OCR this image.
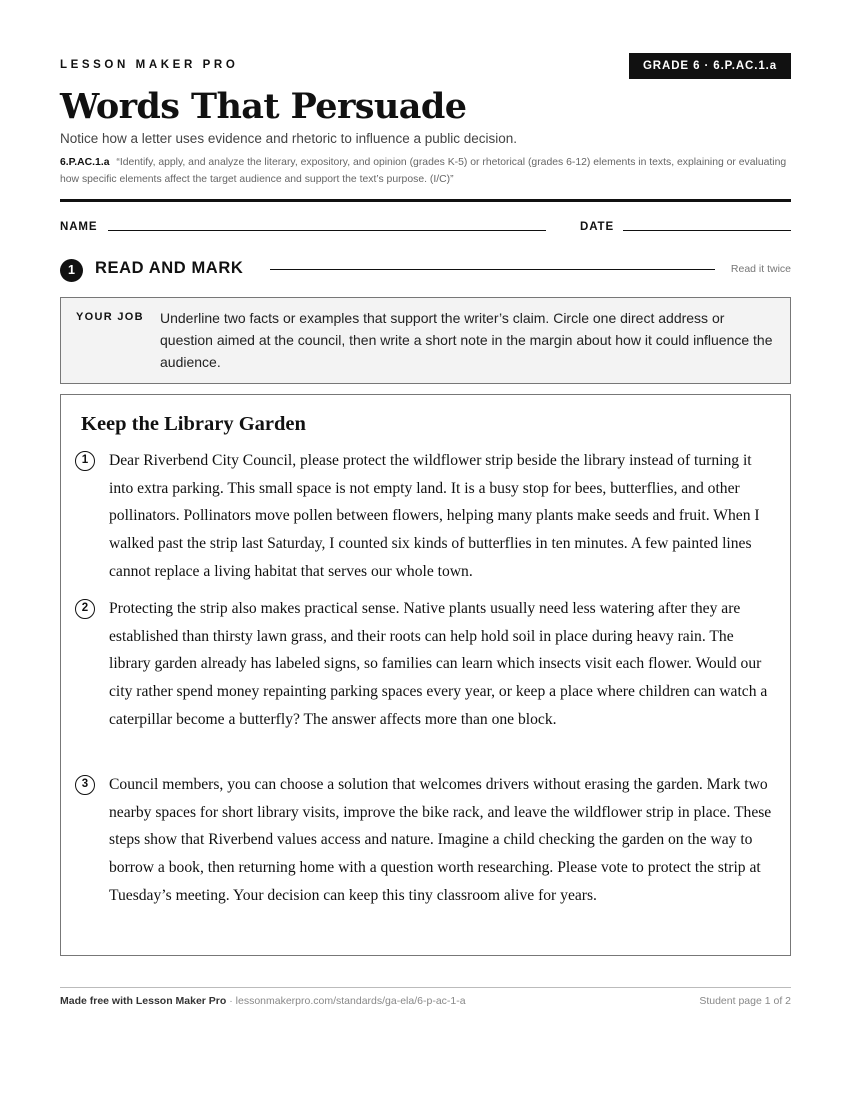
LESSON MAKER PRO	GRADE 6 · 6.P.AC.1.a
Words That Persuade
Notice how a letter uses evidence and rhetoric to influence a public decision.
6.P.AC.1.a “Identify, apply, and analyze the literary, expository, and opinion (grades K-5) or rhetorical (grades 6-12) elements in texts, explaining or evaluating how specific elements affect the target audience and support the text’s purpose. (I/C)”
NAME	DATE
1	READ AND MARK	Read it twice
YOUR JOB Underline two facts or examples that support the writer’s claim. Circle one direct address or question aimed at the council, then write a short note in the margin about how it could influence the audience.
Keep the Library Garden
1	Dear Riverbend City Council, please protect the wildflower strip beside the library instead of turning it into extra parking. This small space is not empty land. It is a busy stop for bees, butterflies, and other pollinators. Pollinators move pollen between flowers, helping many plants make seeds and fruit. When I walked past the strip last Saturday, I counted six kinds of butterflies in ten minutes. A few painted lines cannot replace a living habitat that serves our whole town.

2	Protecting the strip also makes practical sense. Native plants usually need less watering after they are established than thirsty lawn grass, and their roots can help hold soil in place during heavy rain. The library garden already has labeled signs, so families can learn which insects visit each flower. Would our city rather spend money repainting parking spaces every year, or keep a place where children can watch a caterpillar become a butterfly? The answer affects more than one block.

3	Council members, you can choose a solution that welcomes drivers without erasing the garden. Mark two nearby spaces for short library visits, improve the bike rack, and leave the wildflower strip in place. These steps show that Riverbend values access and nature. Imagine a child checking the garden on the way to borrow a book, then returning home with a question worth researching. Please vote to protect the strip at Tuesday’s meeting. Your decision can keep this tiny classroom alive for years.

Made free with Lesson Maker Pro · lessonmakerpro.com/standards/ga-ela/6-p-ac-1-a	Student page 1 of 2
